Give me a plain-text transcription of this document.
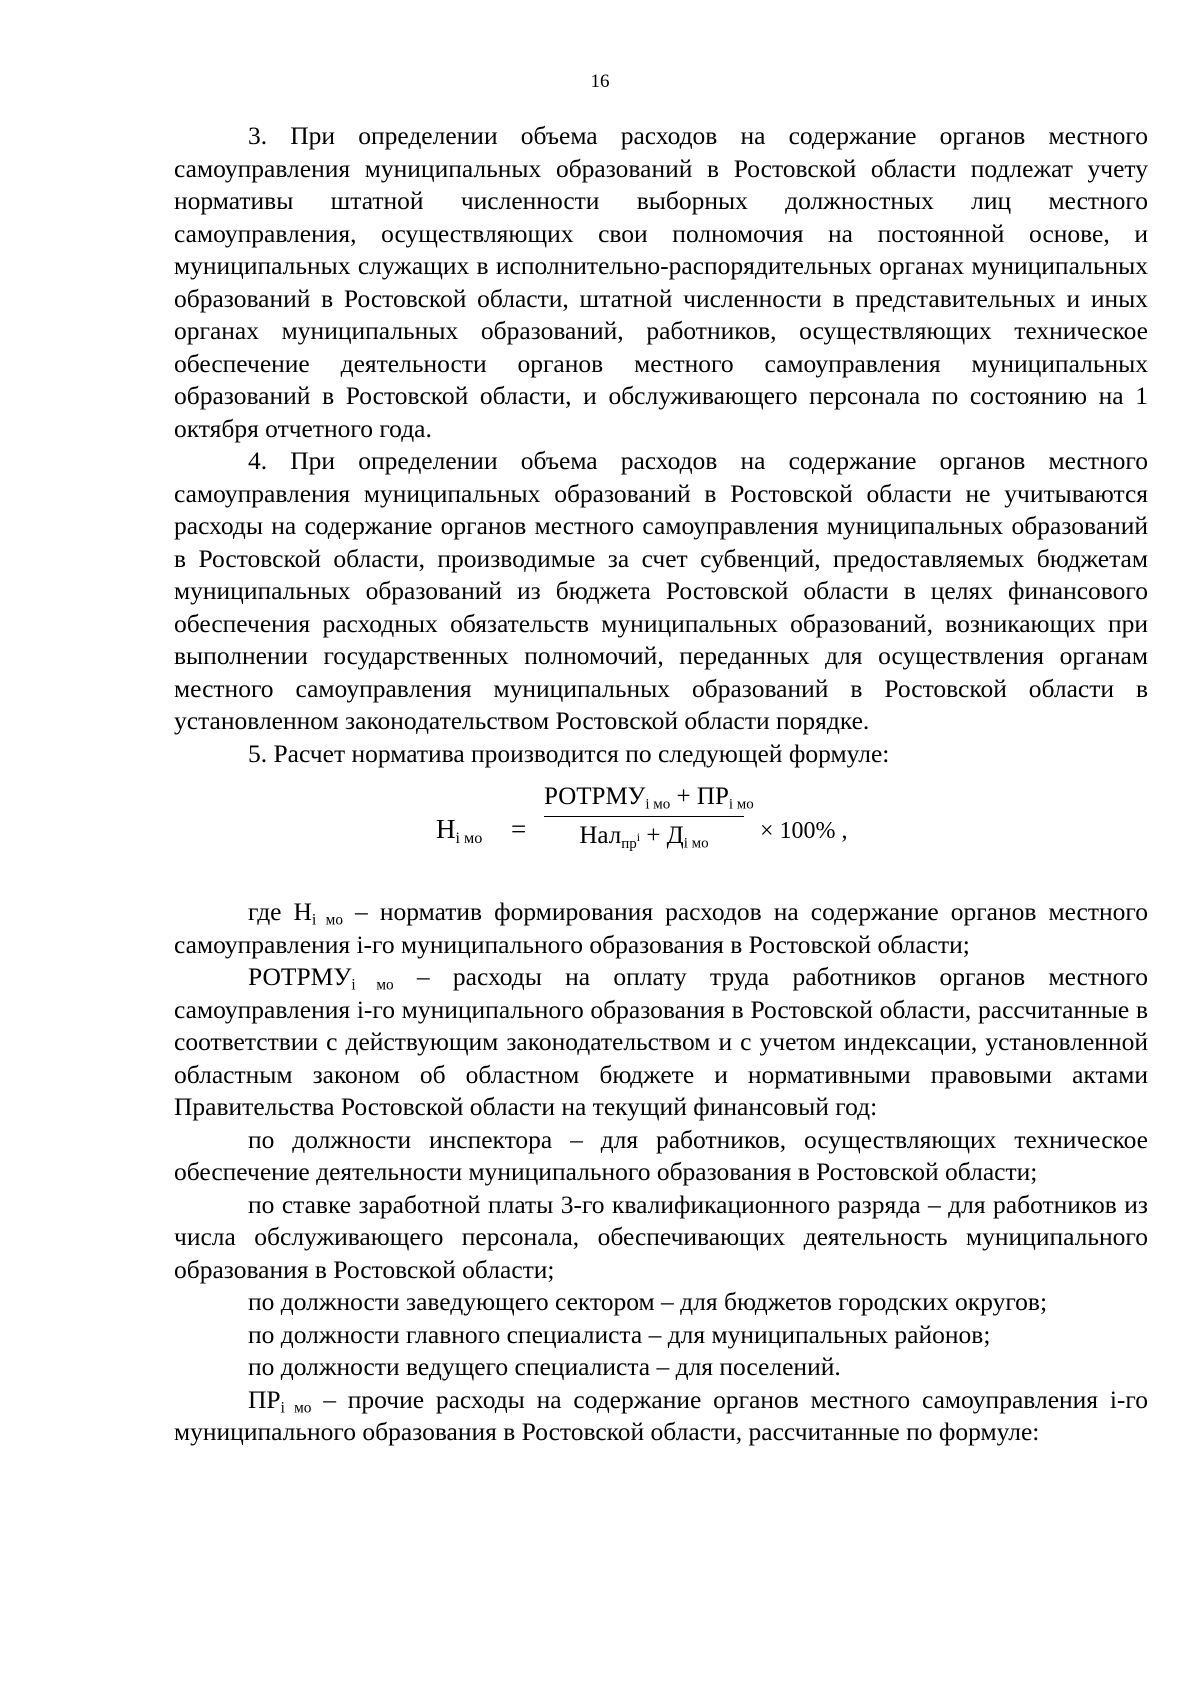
16

3. При определении объема расходов на содержание органов местного самоуправления муниципальных образований в Ростовской области подлежат учету нормативы штатной численности выборных должностных лиц местного самоуправления, осуществляющих свои полномочия на постоянной основе, и муниципальных служащих в исполнительно-распорядительных органах муниципальных образований в Ростовской области, штатной численности в представительных и иных органах муниципальных образований, работников, осуществляющих техническое обеспечение деятельности органов местного самоуправления муниципальных образований в Ростовской области, и обслуживающего персонала по состоянию на 1 октября отчетного года.

4. При определении объема расходов на содержание органов местного самоуправления муниципальных образований в Ростовской области не учитываются расходы на содержание органов местного самоуправления муниципальных образований в Ростовской области, производимые за счет субвенций, предоставляемых бюджетам муниципальных образований из бюджета Ростовской области в целях финансового обеспечения расходных обязательств муниципальных образований, возникающих при выполнении государственных полномочий, переданных для осуществления органам местного самоуправления муниципальных образований в Ростовской области в установленном законодательством Ростовской области порядке.

5. Расчет норматива производится по следующей формуле:

$Н_{i мо}$ =
$РОТРМУ_{i мо} + ПР_{i мо}$
$Нал_{пр^i} + Д_{i мо}$	× 100% ,

где $Н_{i мо}$ – норматив формирования расходов на содержание органов местного самоуправления i-го муниципального образования в Ростовской области;

$РОТРМУ_{i мо}$ – расходы на оплату труда работников органов местного самоуправления i-го муниципального образования в Ростовской области, рассчитанные в соответствии с действующим законодательством и с учетом индексации, установленной областным законом об областном бюджете и нормативными правовыми актами Правительства Ростовской области на текущий финансовый год:

по должности инспектора – для работников, осуществляющих техническое обеспечение деятельности муниципального образования в Ростовской области;

по ставке заработной платы 3-го квалификационного разряда – для работников из числа обслуживающего персонала, обеспечивающих деятельность муниципального образования в Ростовской области;

по должности заведующего сектором – для бюджетов городских округов;

по должности главного специалиста – для муниципальных районов;

по должности ведущего специалиста – для поселений.

$ПР_{i мо}$ – прочие расходы на содержание органов местного самоуправления i-го муниципального образования в Ростовской области, рассчитанные по формуле:
